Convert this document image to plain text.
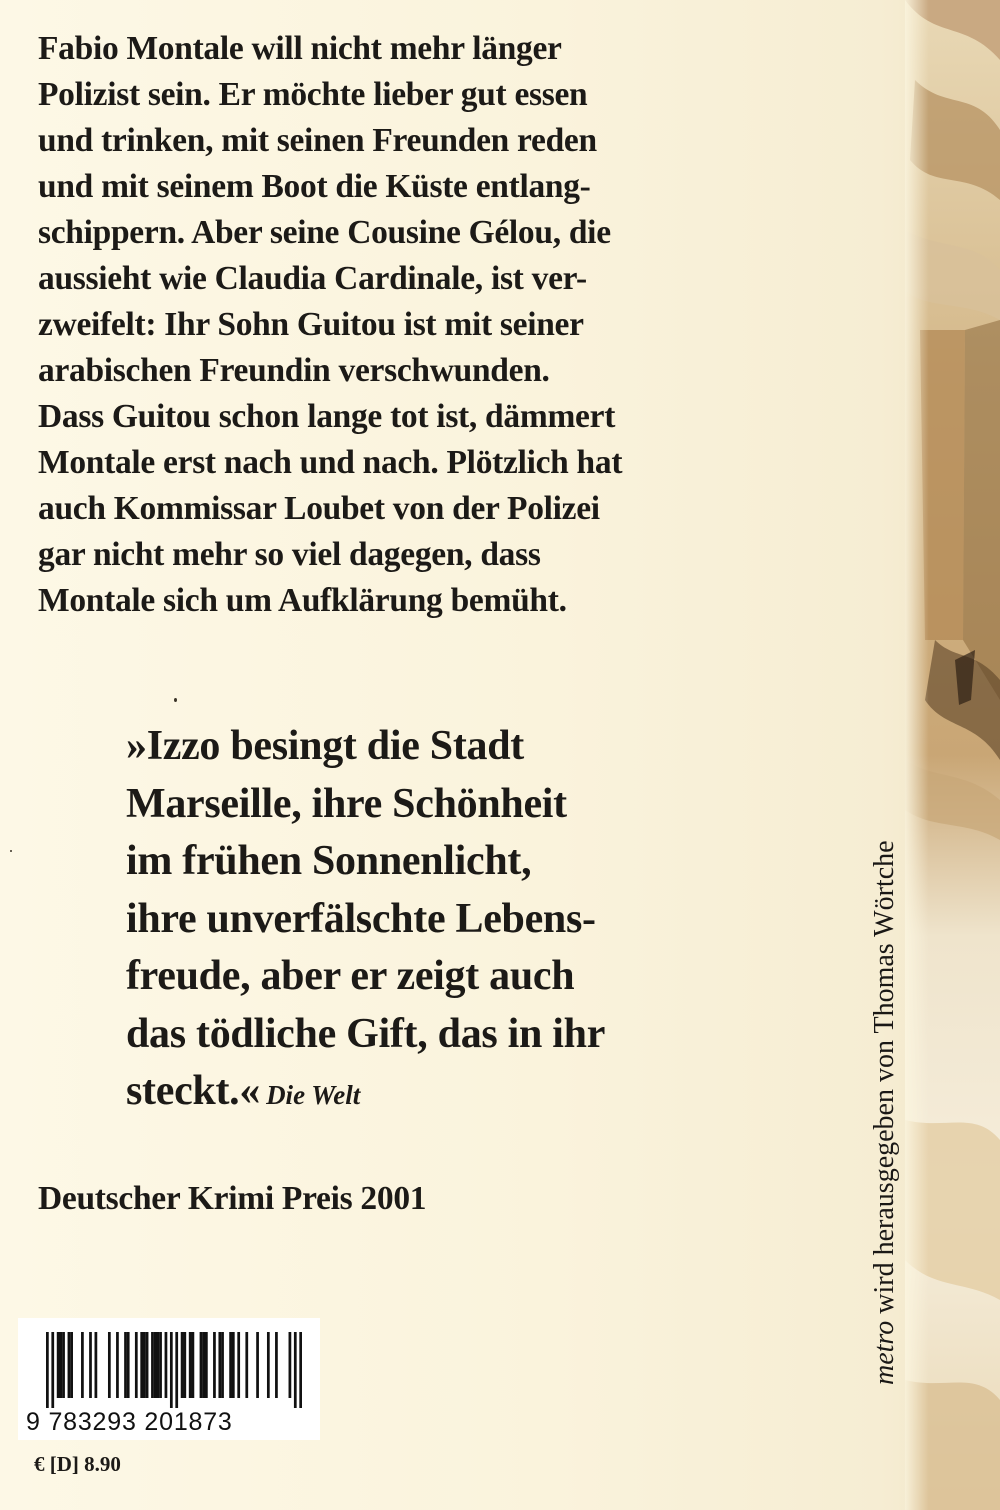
Fabio Montale will nicht mehr länger
Polizist sein. Er möchte lieber gut essen
und trinken, mit seinen Freunden reden
und mit seinem Boot die Küste entlang-
schippern. Aber seine Cousine Gélou, die
aussieht wie Claudia Cardinale, ist ver-
zweifelt: Ihr Sohn Guitou ist mit seiner
arabischen Freundin verschwunden.
Dass Guitou schon lange tot ist, dämmert
Montale erst nach und nach. Plötzlich hat
auch Kommissar Loubet von der Polizei
gar nicht mehr so viel dagegen, dass
Montale sich um Aufklärung bemüht.
»Izzo besingt die Stadt
Marseille, ihre Schönheit
im frühen Sonnenlicht,
ihre unverfälschte Lebens-
freude, aber er zeigt auch
das tödliche Gift, das in ihr
steckt.« Die Welt
Deutscher Krimi Preis 2001
9 783293 201873
€ [D] 8.90
metro wird herausgegeben von Thomas Wörtche
